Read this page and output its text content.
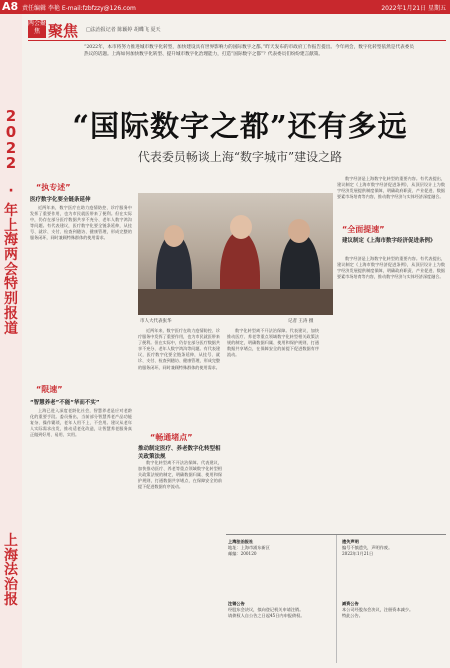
A8 责任编辑 李艳 E-mail:fzbfzzy@126.com	2022年1月21日 星期五
2022
·
年上海两会特别报道
上海法治报
两会聚焦 聚焦 □法治报记者 陈颖婷 胡蝶飞 夏天
“2022年，本市将努力推进城市数字化转型，加快建设具有世界影响力的国际数字之都。”昨天发布的市政府工作报告提出。今年两会，数字化转型依然是代表委员热议的话题。上海如何加快数字化转型、提升城市数字化治理能力，打造“国际数字之都”？代表委员们纷纷建言献策。
“国际数字之都”还有多远
代表委员畅谈上海“数字城市”建设之路
“执专述”
医疗数字化要全链条延伸

近两年来，数字医疗在助力疫情防控、诊疗服务中发挥了重要作用，也为市民就医带来了便利。但在实际中，仍存在部分医疗数据共享不充分、老年人数字鸿沟等问题。有代表建议，医疗数字化要全链条延伸，从挂号、就诊、支付、检查到随访、健康管理，形成完整的服务闭环，同时兼顾特殊群体的使用需求。

“限速”
“智慧养老”不能“华而不实”

上海已进入深度老龄化社会，智慧养老是应对老龄化的重要手段。委员指出，当前部分智慧养老产品功能复杂、操作繁琐，老年人用不上、不会用。建议从老年人实际需求出发，推动适老化改造，让智慧养老服务真正做到好用、易用、实用。

市人大代表张华	记者 王涛 摄

近两年来，数字医疗在助力疫情防控、诊疗服务中发挥了重要作用，也为市民就医带来了便利。但在实际中，仍存在部分医疗数据共享不充分、老年人数字鸿沟等问题。有代表建议，医疗数字化要全链条延伸，从挂号、就诊、支付、检查到随访、健康管理，形成完整的服务闭环，同时兼顾特殊群体的使用需求。

数字化转型离不开法治保障。代表建议，加快推动医疗、养老等重点领域数字化转型相关政策法规的制定，明确数据归属、使用和保护规则，打通数据共享堵点，在保障安全的前提下促进数据有序流动。

“畅通堵点”
推动制定医疗、养老数字化转型相关政策法规

数字化转型离不开法治保障。代表建议，加快推动医疗、养老等重点领域数字化转型相关政策法规的制定，明确数据归属、使用和保护规则，打通数据共享堵点，在保障安全的前提下促进数据有序流动。

数字经济是上海数字化转型的重要内容。有代表提出，建议制定《上海市数字经济促进条例》，从顶层设计上为数字经济发展提供制度保障，明确政府职责、产业促进、数据要素市场培育等内容，推动数字经济与实体经济深度融合。

“全面提速”
建议制定《上海市数字经济促进条例》

数字经济是上海数字化转型的重要内容。有代表提出，建议制定《上海市数字经济促进条例》，从顶层设计上为数字经济发展提供制度保障，明确政府职责、产业促进、数据要素市场培育等内容，推动数字经济与实体经济深度融合。

上海法治报社
地址：上海市浦东新区
邮编：200120
遗失声明
编号不慎遗失，声明作废。
2022年1月21日
注销公告
经股东会决议，拟向登记机关申请注销。
请债权人自公告之日起45日内申报债权。
减资公告
本公司经股东会决议，注册资本减少。
特此公告。
